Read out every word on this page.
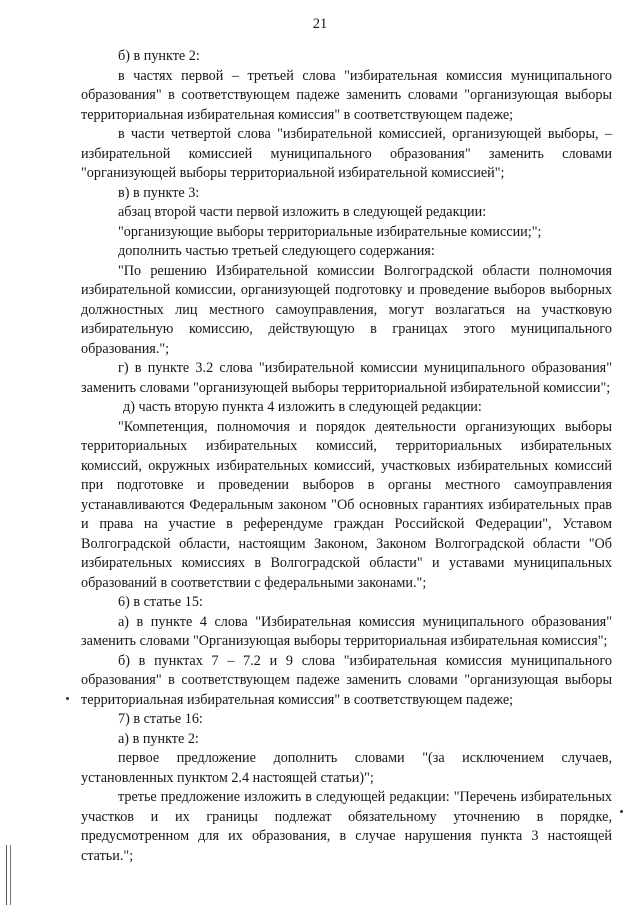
21

б) в пункте 2:

в частях первой – третьей слова "избирательная комиссия муниципального образования" в соответствующем падеже заменить словами "организующая выборы территориальная избирательная комиссия" в соответствующем падеже;

в части четвертой слова "избирательной комиссией, организующей выборы, – избирательной комиссией муниципального образования" заменить словами "организующей выборы территориальной избирательной комиссией";

в) в пункте 3:

абзац второй части первой изложить в следующей редакции:

"организующие выборы территориальные избирательные комиссии;";

дополнить частью третьей следующего содержания:

"По решению Избирательной комиссии Волгоградской области полномочия избирательной комиссии, организующей подготовку и проведение выборов выборных должностных лиц местного самоуправления, могут возлагаться на участковую избирательную комиссию, действующую в границах этого муниципального образования.";

г) в пункте 3.2 слова "избирательной комиссии муниципального образования" заменить словами "организующей выборы территориальной избирательной комиссии";

д) часть вторую пункта 4 изложить в следующей редакции:

"Компетенция, полномочия и порядок деятельности организующих выборы территориальных избирательных комиссий, территориальных избирательных комиссий, окружных избирательных комиссий, участковых избирательных комиссий при подготовке и проведении выборов в органы местного самоуправления устанавливаются Федеральным законом "Об основных гарантиях избирательных прав и права на участие в референдуме граждан Российской Федерации", Уставом Волгоградской области, настоящим Законом, Законом Волгоградской области "Об избирательных комиссиях в Волгоградской области" и уставами муниципальных образований в соответствии с федеральными законами.";

6) в статье 15:

а) в пункте 4 слова "Избирательная комиссия муниципального образования" заменить словами "Организующая выборы территориальная избирательная комиссия";

б) в пунктах 7 – 7.2 и 9 слова "избирательная комиссия муниципального образования" в соответствующем падеже заменить словами "организующая выборы территориальная избирательная комиссия" в соответствующем падеже;

7) в статье 16:

а) в пункте 2:

первое предложение дополнить словами "(за исключением случаев, установленных пунктом 2.4 настоящей статьи)";

третье предложение изложить в следующей редакции: "Перечень избирательных участков и их границы подлежат обязательному уточнению в порядке, предусмотренном для их образования, в случае нарушения пункта 3 настоящей статьи.";
